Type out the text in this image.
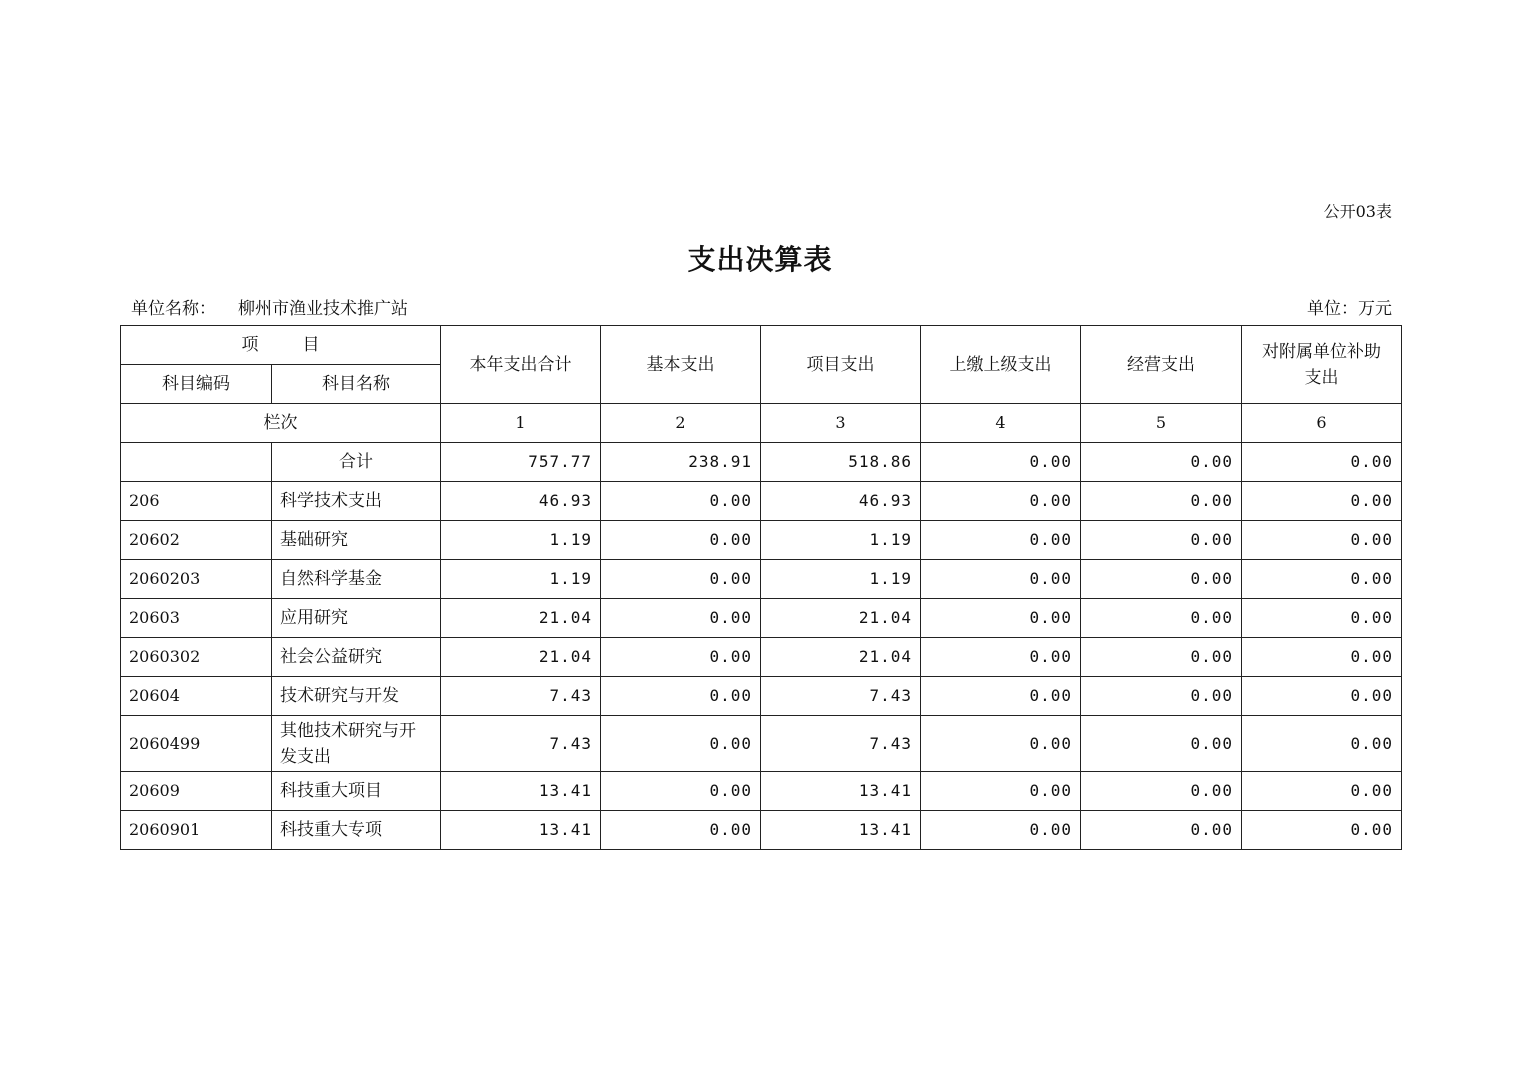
公开03表
支出决算表
单位名称： 柳州市渔业技术推广站	单位：万元
项 目		本年支出合计	基本支出	项目支出	上缴上级支出	经营支出	对附属单位补助支出
科目编码	科目名称						
栏次		1	2	3	4	5	6
	合计	757.77	238.91	518.86	0.00	0.00	0.00
206	科学技术支出	46.93	0.00	46.93	0.00	0.00	0.00
20602	基础研究	1.19	0.00	1.19	0.00	0.00	0.00
2060203	自然科学基金	1.19	0.00	1.19	0.00	0.00	0.00
20603	应用研究	21.04	0.00	21.04	0.00	0.00	0.00
2060302	社会公益研究	21.04	0.00	21.04	0.00	0.00	0.00
20604	技术研究与开发	7.43	0.00	7.43	0.00	0.00	0.00
2060499	其他技术研究与开发支出	7.43	0.00	7.43	0.00	0.00	0.00
20609	科技重大项目	13.41	0.00	13.41	0.00	0.00	0.00
2060901	科技重大专项	13.41	0.00	13.41	0.00	0.00	0.00
